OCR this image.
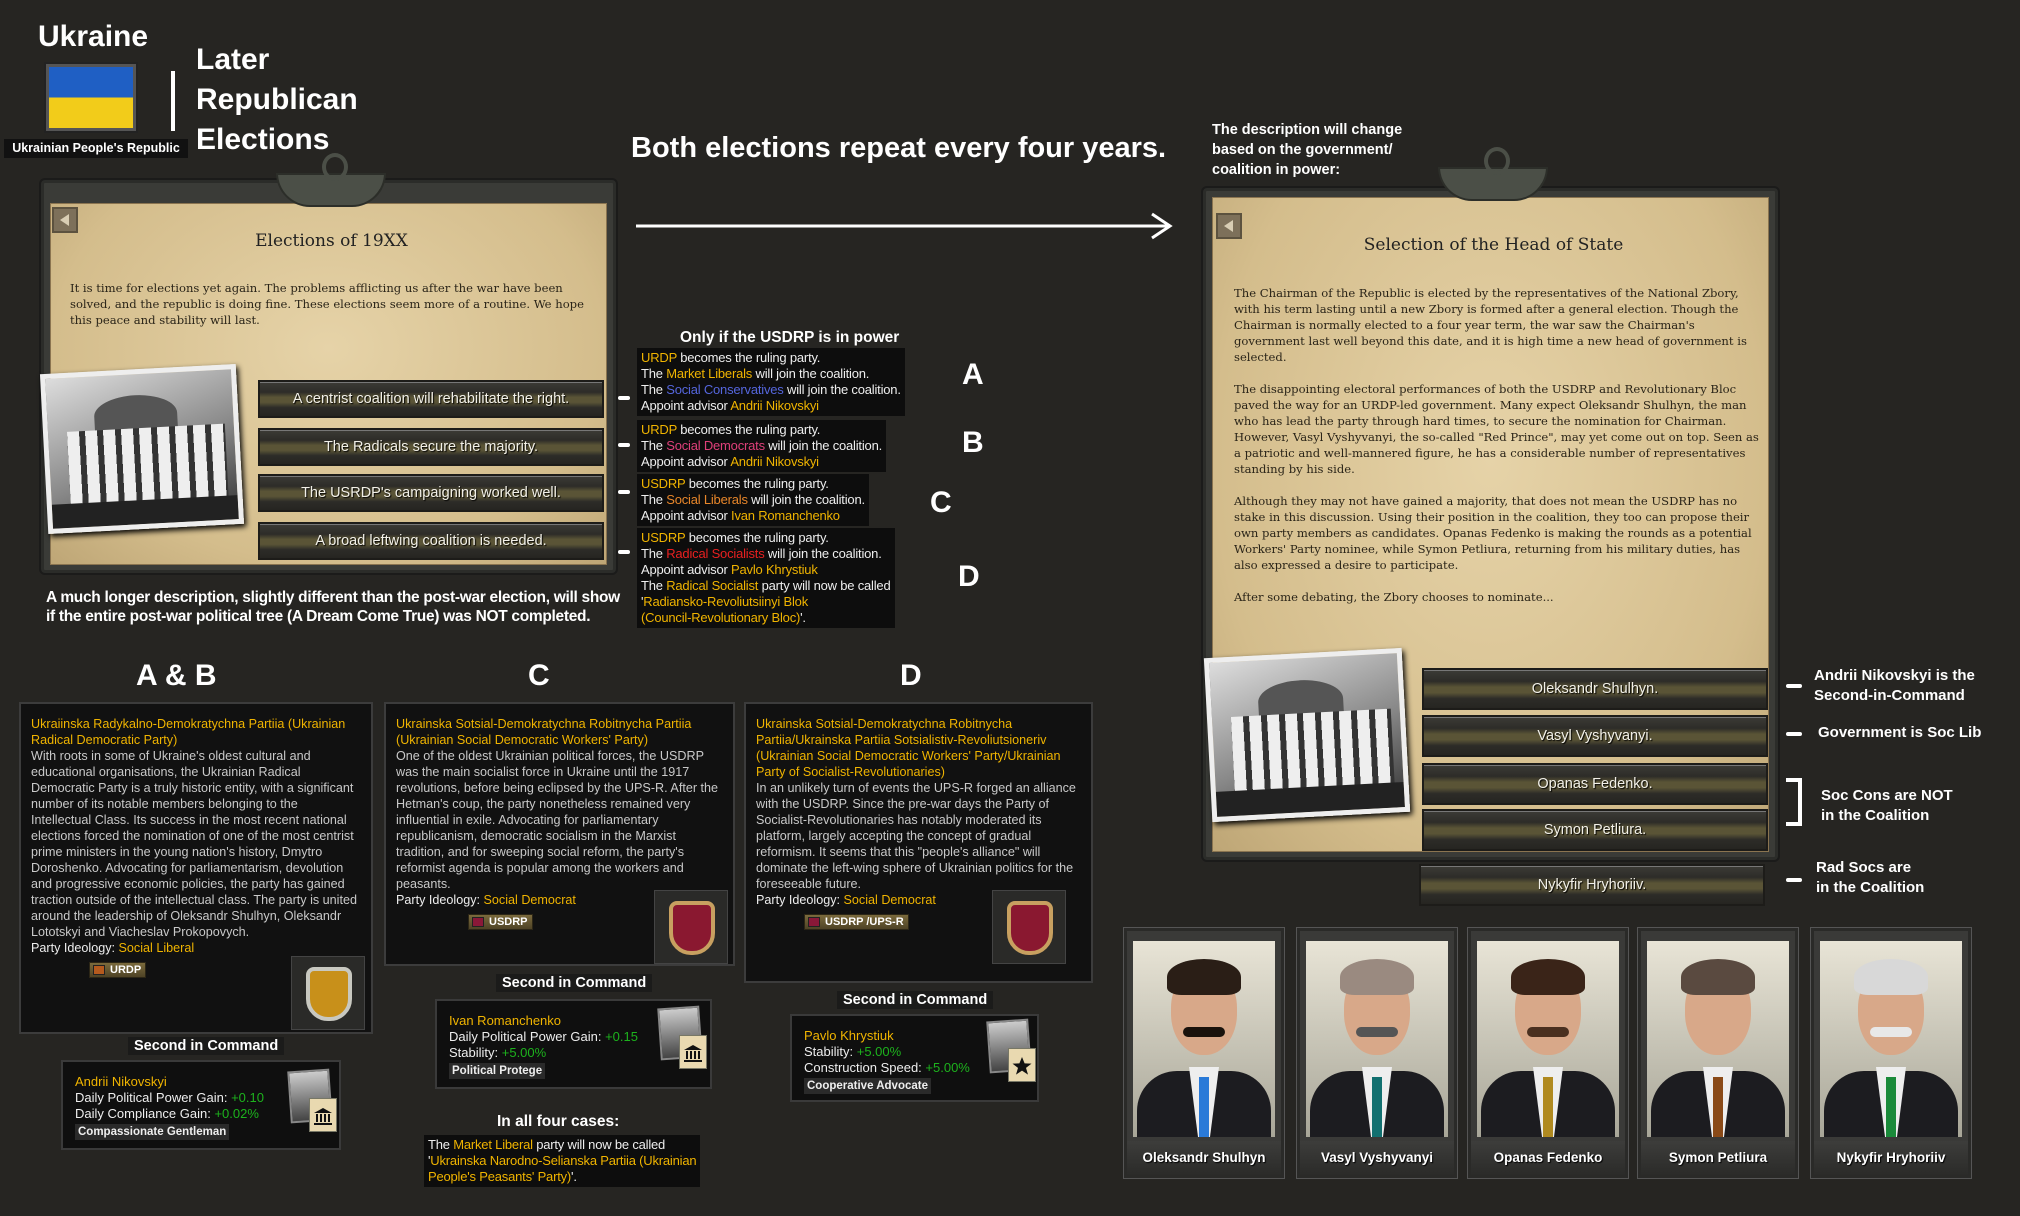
Ukraine
Ukrainian People's Republic
Later
Republican
Elections	Both elections repeat every four years.
Elections of 19XX
It is time for elections yet again. The problems afflicting us after the war have been solved, and the republic is doing fine. These elections seem more of a routine. We hope this peace and stability will last.
A centrist coalition will rehabilitate the right.
The Radicals secure the majority.
The USRDP's campaigning worked well.
A broad leftwing coalition is needed.
A much longer description, slightly different than the post-war election, will show
if the entire post-war political tree (A Dream Come True) was NOT completed.
Only if the USDRP is in power
URDP becomes the ruling party.
The Market Liberals will join the coalition.
The Social Conservatives will join the coalition.
Appoint advisor Andrii Nikovskyi
URDP becomes the ruling party.
The Social Democrats will join the coalition.
Appoint advisor Andrii Nikovskyi
USDRP becomes the ruling party.
The Social Liberals will join the coalition.
Appoint advisor Ivan Romanchenko
USDRP becomes the ruling party.
The Radical Socialists will join the coalition.
Appoint advisor Pavlo Khrystiuk
The Radical Socialist party will now be called
'Radiansko-Revoliutsiinyi Blok
(Council-Revolutionary Bloc)'.
A
B
C
D
A & B	C	D
Ukraiinska Radykalno-Demokratychna Partiia (Ukrainian Radical Democratic Party)
With roots in some of Ukraine's oldest cultural and educational organisations, the Ukrainian Radical Democratic Party is a truly historic entity, with a significant number of its notable members belonging to the Intellectual Class. Its success in the most recent national elections forced the nomination of one of the most centrist prime ministers in the young nation's history, Dmytro Doroshenko. Advocating for parliamentarism, devolution and progressive economic policies, the party has gained traction outside of the intellectual class. The party is united around the leadership of Oleksandr Shulhyn, Oleksandr Lototskyi and Viacheslav Prokopovych.
Party Ideology: Social Liberal
URDP
Ukrainska Sotsial-Demokratychna Robitnycha Partiia (Ukrainian Social Democratic Workers' Party)
One of the oldest Ukrainian political forces, the USDRP was the main socialist force in Ukraine until the 1917 revolutions, before being eclipsed by the UPS-R. After the Hetman's coup, the party nonetheless remained very influential in exile. Advocating for parliamentary republicanism, democratic socialism in the Marxist tradition, and for sweeping social reform, the party's reformist agenda is popular among the workers and peasants.
Party Ideology: Social Democrat
USDRP
Ukrainska Sotsial-Demokratychna Robitnycha Partiia/Ukrainska Partiia Sotsialistiv-Revoliutsioneriv (Ukrainian Social Democratic Workers' Party/Ukrainian Party of Socialist-Revolutionaries)
In an unlikely turn of events the UPS-R forged an alliance with the USDRP. Since the pre-war days the Party of Socialist-Revolutionaries has notably moderated its platform, largely accepting the concept of gradual reformism. It seems that this "people's alliance" will dominate the left-wing sphere of Ukrainian politics for the foreseeable future.
Party Ideology: Social Democrat
USDRP /UPS-R
Second in Command
Andrii Nikovskyi
Daily Political Power Gain: +0.10
Daily Compliance Gain: +0.02%
Compassionate Gentleman
Second in Command
Ivan Romanchenko
Daily Political Power Gain: +0.15
Stability: +5.00%
Political Protege
Second in Command
Pavlo Khrystiuk
Stability: +5.00%
Construction Speed: +5.00%
Cooperative Advocate
In all four cases:
The Market Liberal party will now be called
'Ukrainska Narodno-Selianska Partiia (Ukrainian
People's Peasants' Party)'.
The description will change
based on the government/
coalition in power:
Selection of the Head of State

The Chairman of the Republic is elected by the representatives of the National Zbory, with his term lasting until a new Zbory is formed after a general election. Though the Chairman is normally elected to a four year term, the war saw the Chairman's government last well beyond this date, and it is high time a new head of government is selected.

The disappointing electoral performances of both the USDRP and Revolutionary Bloc paved the way for an URDP-led government. Many expect Oleksandr Shulhyn, the man who has lead the party through hard times, to secure the nomination for Chairman. However, Vasyl Vyshyvanyi, the so-called "Red Prince", may yet come out on top. Seen as a patriotic and well-mannered figure, he has a considerable number of representatives standing by his side.

Although they may not have gained a majority, that does not mean the USDRP has no stake in this discussion. Using their position in the coalition, they too can propose their own party members as candidates. Opanas Fedenko is making the rounds as a potential Workers' Party nominee, while Symon Petliura, returning from his military duties, has also expressed a desire to participate.

After some debating, the Zbory chooses to nominate...

Oleksandr Shulhyn.
Vasyl Vyshyvanyi.
Opanas Fedenko.
Symon Petliura.
Nykyfir Hryhoriiv.
Andrii Nikovskyi is the
Second-in-Command
Government is Soc Lib
Soc Cons are NOT
in the Coalition
Rad Socs are
in the Coalition
Oleksandr Shulhyn	Vasyl Vyshyvanyi	Opanas Fedenko	Symon Petliura	Nykyfir Hryhoriiv
